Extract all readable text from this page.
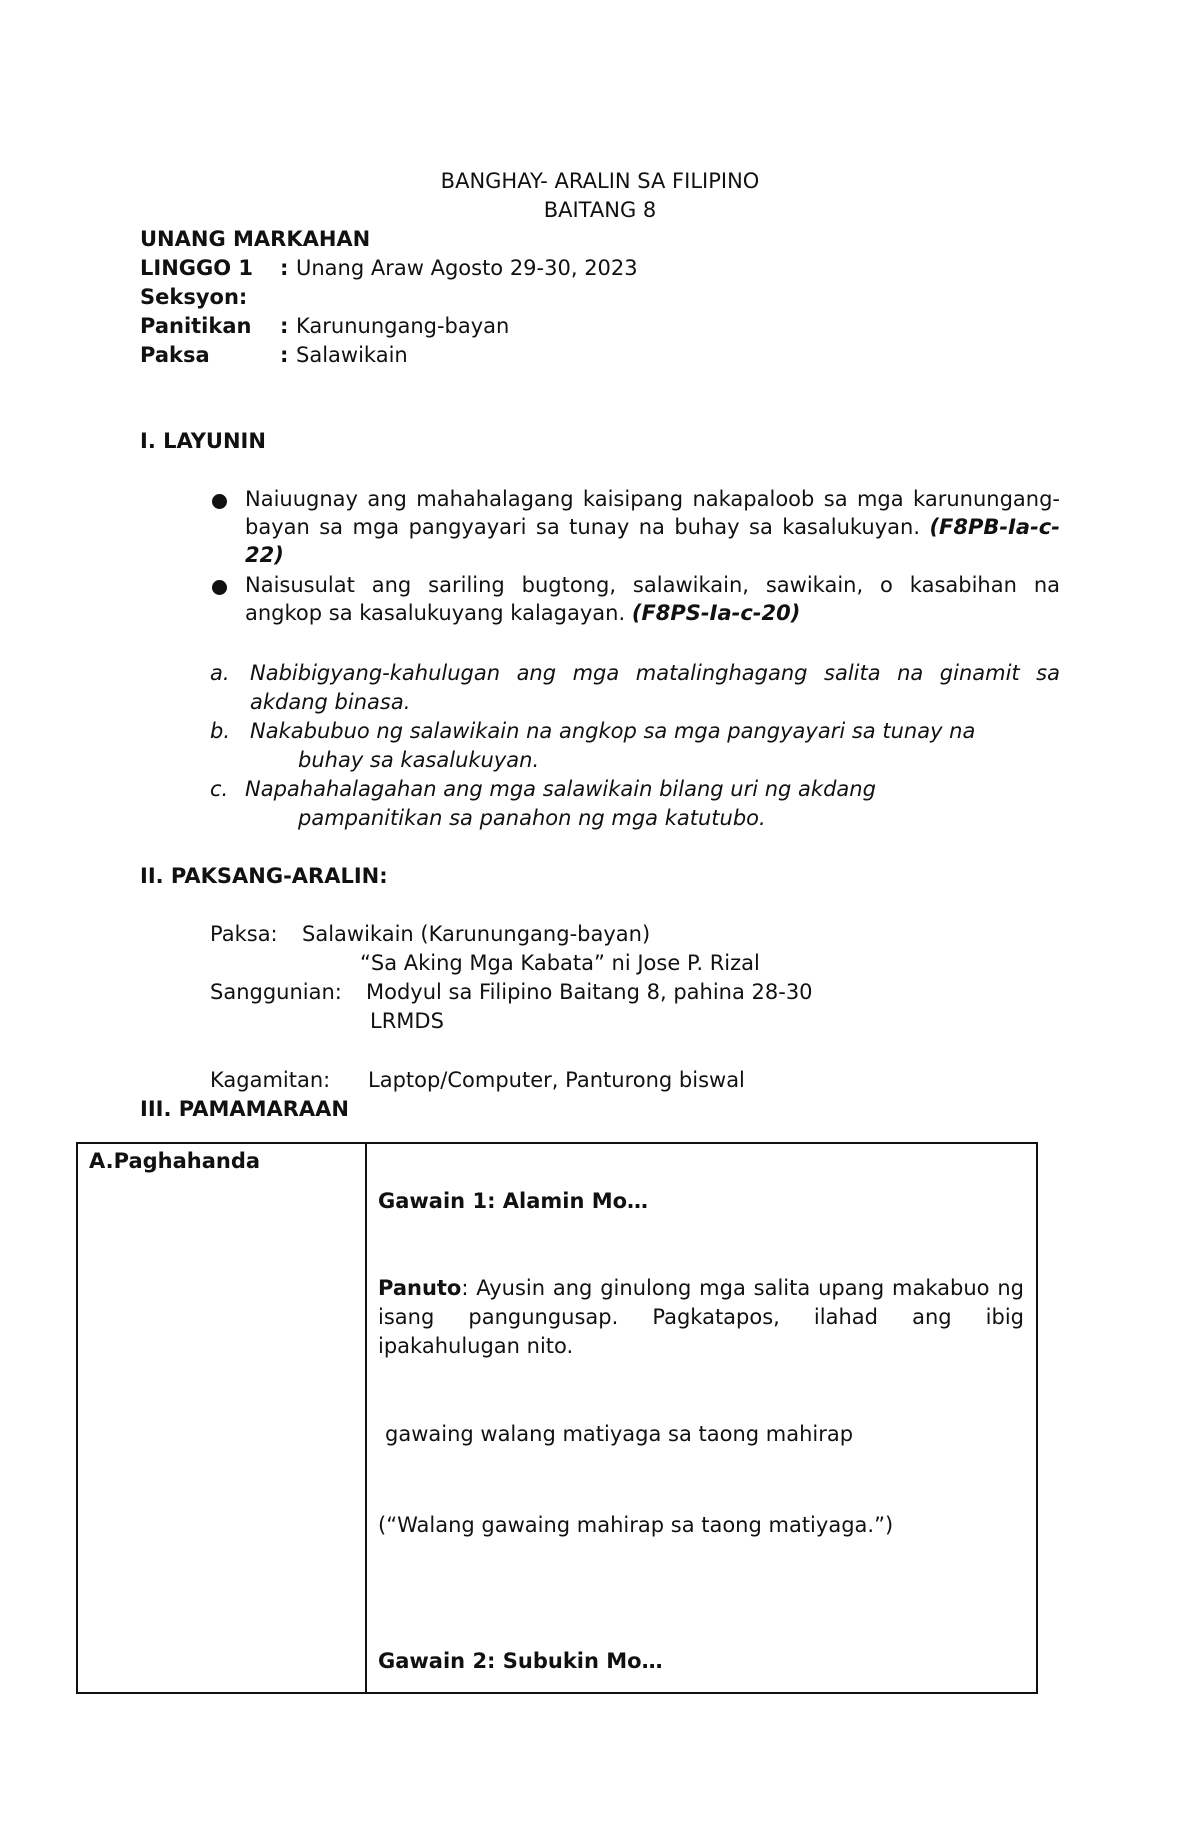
BANGHAY- ARALIN SA FILIPINO
BAITANG 8
UNANG MARKAHAN
LINGGO 1 : Unang Araw Agosto 29-30, 2023
Seksyon:
Panitikan : Karunungang-bayan
Paksa	: Salawikain
I. LAYUNIN
Naiuugnay ang mahahalagang kaisipang nakapaloob sa mga karunungang-bayan sa mga pangyayari sa tunay na buhay sa kasalukuyan. (F8PB-Ia-c-22)
Naisusulat ang sariling bugtong, salawikain, sawikain, o kasabihan na angkop sa kasalukuyang kalagayan. (F8PS-Ia-c-20)
a. Nabibigyang-kahulugan ang mga matalinghagang salita na ginamit sa
akdang binasa.
b. Nakabubuo ng salawikain na angkop sa mga pangyayari sa tunay na
buhay sa kasalukuyan.
c. Napahahalagahan ang mga salawikain bilang uri ng akdang
pampanitikan sa panahon ng mga katutubo.
II. PAKSANG-ARALIN:
Paksa: Salawikain (Karunungang-bayan)
“Sa Aking Mga Kabata” ni Jose P. Rizal
Sanggunian: Modyul sa Filipino Baitang 8, pahina 28-30
LRMDS
Kagamitan: Laptop/Computer, Panturong biswal
III. PAMAMARAAN
A.Paghahanda

Gawain 1: Alamin Mo…
Panuto: Ayusin ang ginulong mga salita upang makabuo ng isang pangungusap. Pagkatapos, ilahad ang ibig ipakahulugan nito.
gawaing walang matiyaga sa taong mahirap
(“Walang gawaing mahirap sa taong matiyaga.”)
Gawain 2: Subukin Mo…
